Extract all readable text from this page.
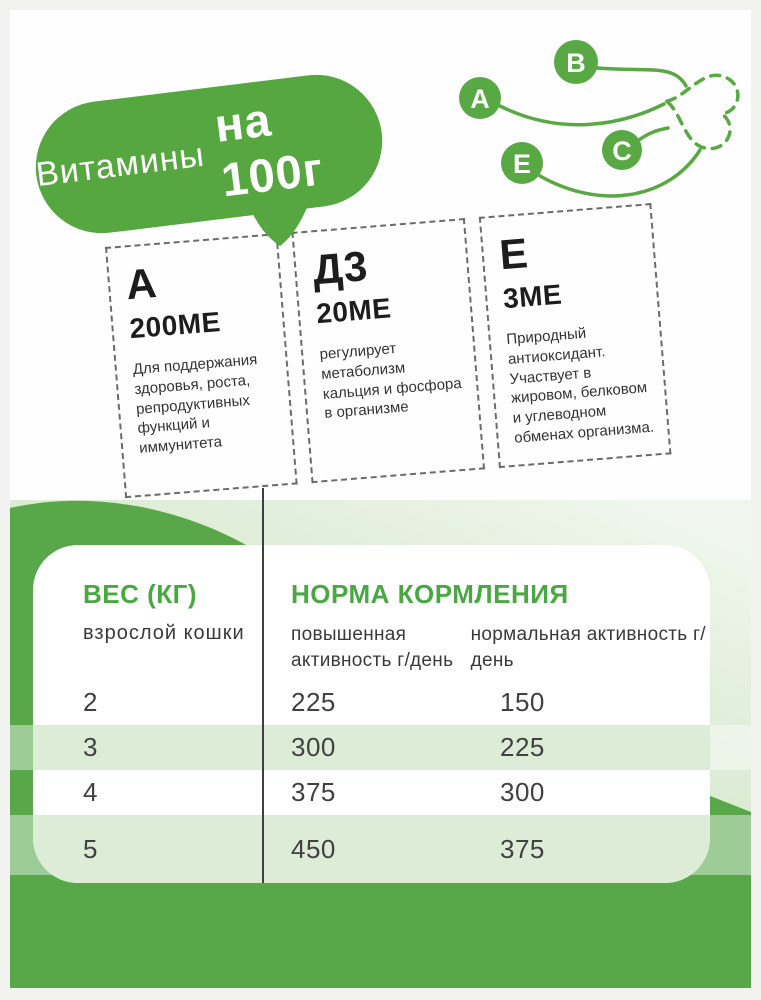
A
B
E	C
Витамины
на 100г
А
200МЕ
Для поддержания здоровья, роста, репродуктивных функций и иммунитета
Д3
20МЕ
регулирует метаболизм кальция и фосфора в организме
Е
3МЕ
Природный антиоксидант. Участвует в жировом, белковом и углеводном обменах организма.
ВЕС (КГ)
взрослой кошки
НОРМА КОРМЛЕНИЯ
повышенная активность г/день
нормальная активность г/день
2	225	150
3	300	225
4	375	300
5	450	375
